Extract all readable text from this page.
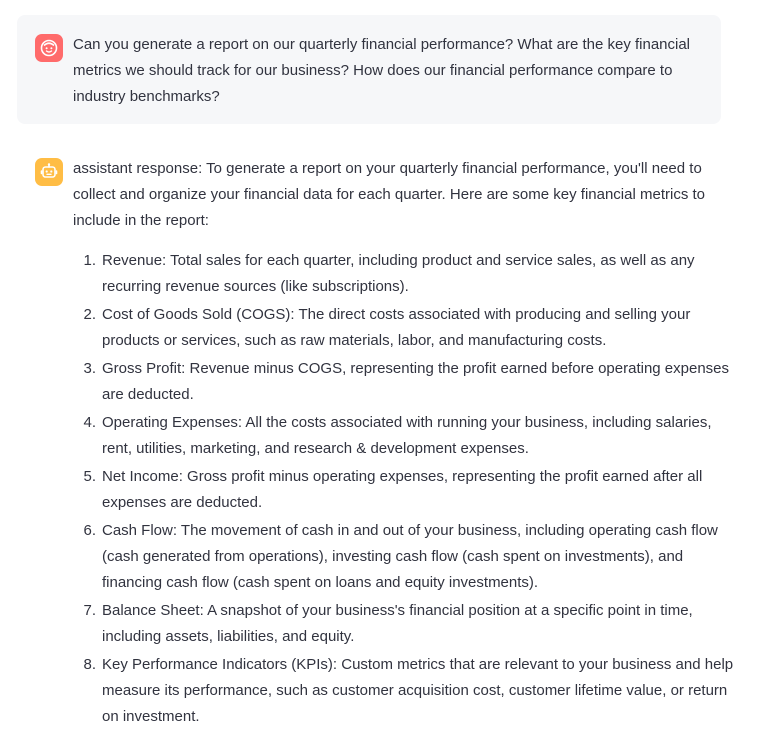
Can you generate a report on our quarterly financial performance? What are the key financial metrics we should track for our business? How does our financial performance compare to industry benchmarks?

assistant response: To generate a report on your quarterly financial performance, you'll need to collect and organize your financial data for each quarter. Here are some key financial metrics to include in the report:

1. Revenue: Total sales for each quarter, including product and service sales, as well as any recurring revenue sources (like subscriptions).
2. Cost of Goods Sold (COGS): The direct costs associated with producing and selling your products or services, such as raw materials, labor, and manufacturing costs.
3. Gross Profit: Revenue minus COGS, representing the profit earned before operating expenses are deducted.
4. Operating Expenses: All the costs associated with running your business, including salaries, rent, utilities, marketing, and research & development expenses.
5. Net Income: Gross profit minus operating expenses, representing the profit earned after all expenses are deducted.
6. Cash Flow: The movement of cash in and out of your business, including operating cash flow (cash generated from operations), investing cash flow (cash spent on investments), and financing cash flow (cash spent on loans and equity investments).
7. Balance Sheet: A snapshot of your business's financial position at a specific point in time, including assets, liabilities, and equity.
8. Key Performance Indicators (KPIs): Custom metrics that are relevant to your business and help measure its performance, such as customer acquisition cost, customer lifetime value, or return on investment.
